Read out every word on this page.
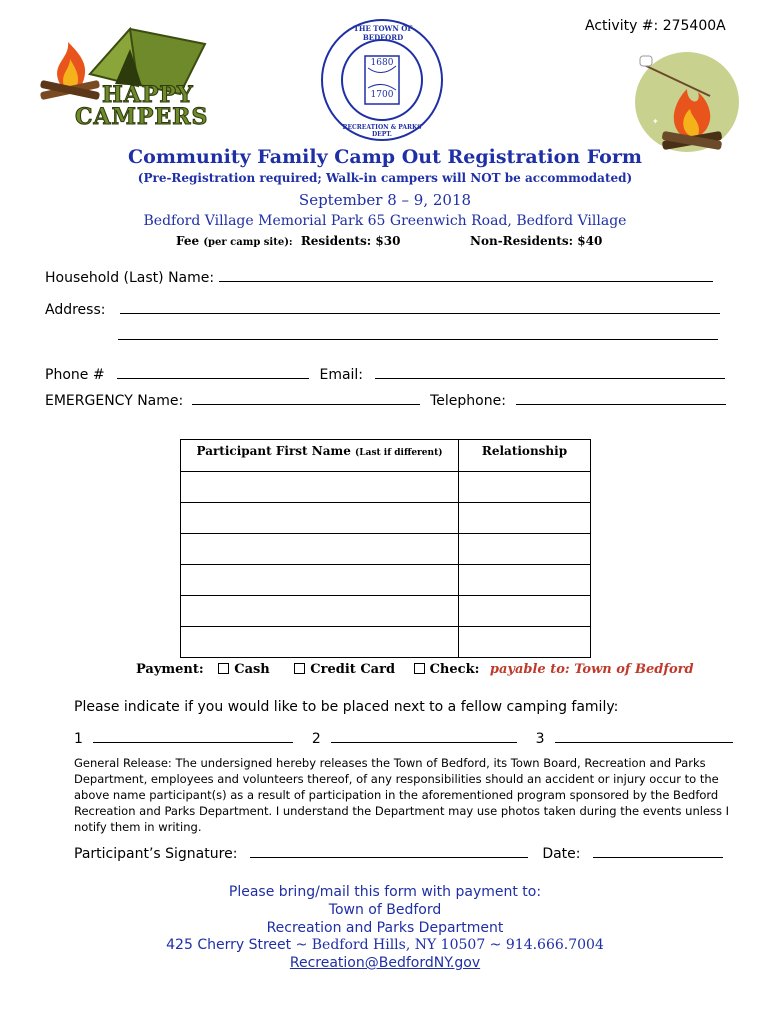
Activity #: 275400A
HAPPY
CAMPERS
THE TOWN OF BEDFORD
1680
1700
RECREATION & PARKS DEPT.
✦
✦
Community Family Camp Out Registration Form
(Pre-Registration required; Walk-in campers will NOT be accommodated)
September 8 – 9, 2018
Bedford Village Memorial Park 65 Greenwich Road, Bedford Village
Fee (per camp site): Residents: $30	Non-Residents: $40
Household (Last) Name:
Address:
Phone #	Email:
EMERGENCY Name:	Telephone:
Participant First Name (Last if different)	Relationship

Payment: Cash	Credit Card	Check: payable to: Town of Bedford
Please indicate if you would like to be placed next to a fellow camping family:
1	2	3
General Release: The undersigned hereby releases the Town of Bedford, its Town Board, Recreation and Parks Department, employees and volunteers thereof, of any responsibilities should an accident or injury occur to the above name participant(s) as a result of participation in the aforementioned program sponsored by the Bedford Recreation and Parks Department. I understand the Department may use photos taken during the events unless I notify them in writing.
Participant’s Signature:	Date:
Please bring/mail this form with payment to:
Town of Bedford
Recreation and Parks Department
425 Cherry Street ~ Bedford Hills, NY 10507 ~ 914.666.7004
Recreation@BedfordNY.gov
